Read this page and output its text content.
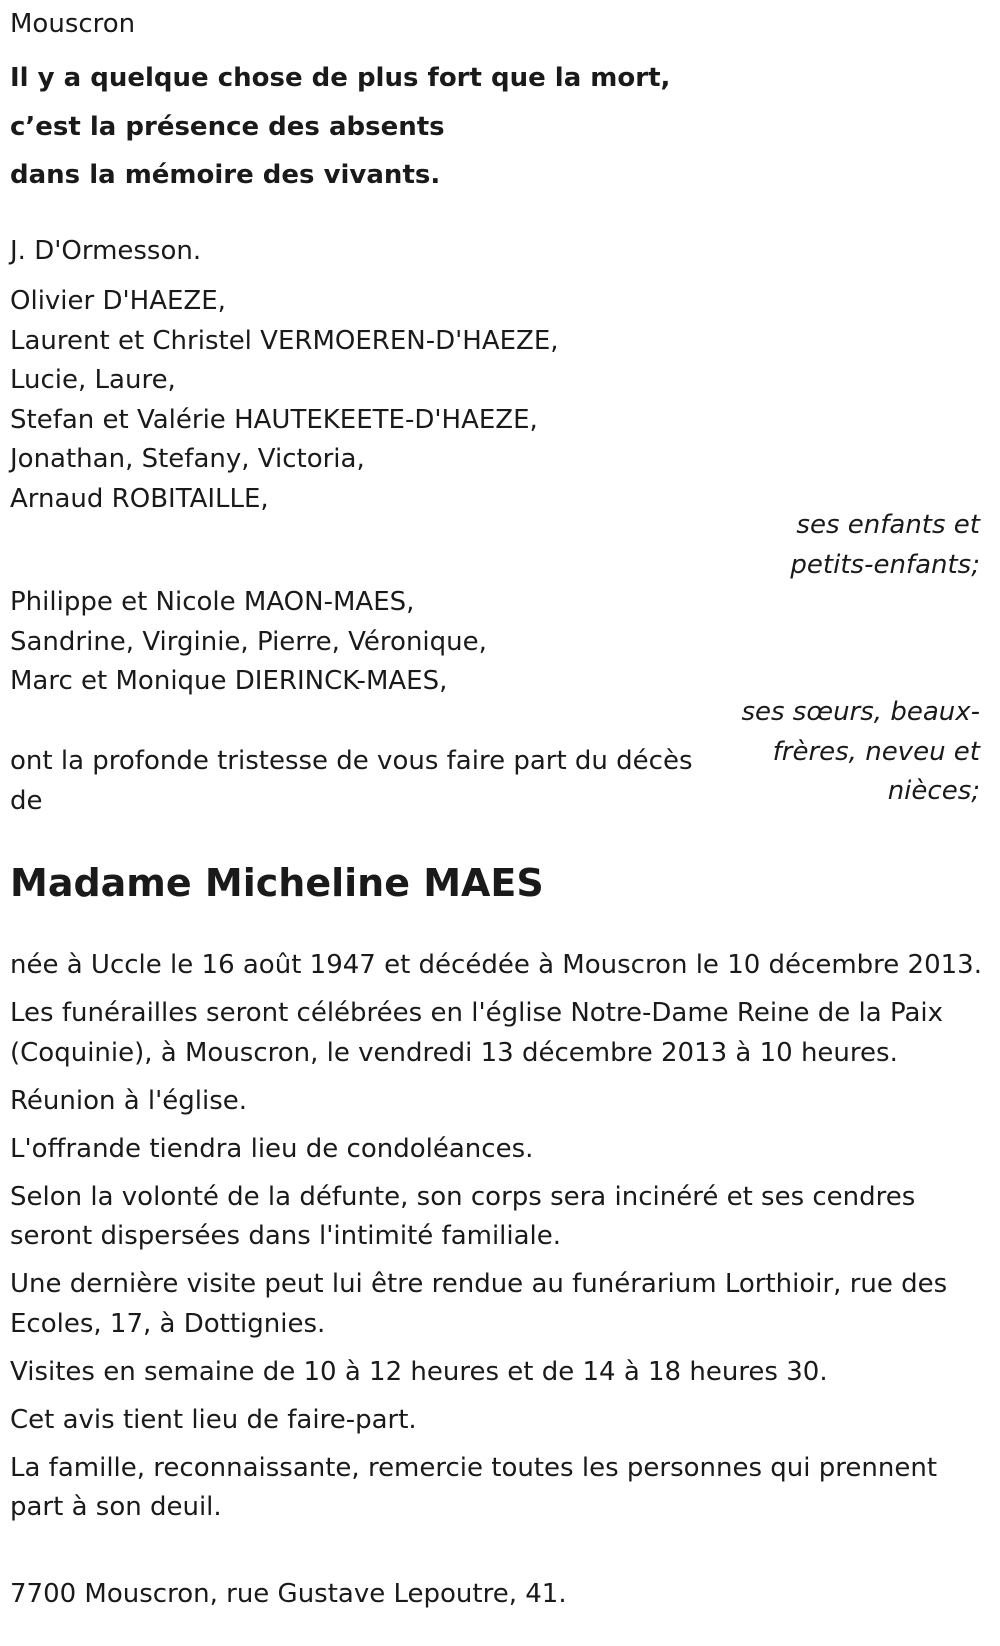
Mouscron
Il y a quelque chose de plus fort que la mort,
c’est la présence des absents
dans la mémoire des vivants.
J. D'Ormesson.
Olivier D'HAEZE,
Laurent et Christel VERMOEREN-D'HAEZE,
Lucie, Laure,
Stefan et Valérie HAUTEKEETE-D'HAEZE,
Jonathan, Stefany, Victoria,
Arnaud ROBITAILLE,
ses enfants et
petits-enfants;
Philippe et Nicole MAON-MAES,
Sandrine, Virginie, Pierre, Véronique,
Marc et Monique DIERINCK-MAES,
ses sœurs, beaux-
frères, neveu et
nièces;
ont la profonde tristesse de vous faire part du décès de
Madame Micheline MAES

née à Uccle le 16 août 1947 et décédée à Mouscron le 10 décembre 2013.

Les funérailles seront célébrées en l'église Notre-Dame Reine de la Paix (Coquinie), à Mouscron, le vendredi 13 décembre 2013 à 10 heures.

Réunion à l'église.

L'offrande tiendra lieu de condoléances.

Selon la volonté de la défunte, son corps sera incinéré et ses cendres seront dispersées dans l'intimité familiale.

Une dernière visite peut lui être rendue au funérarium Lorthioir, rue des Ecoles, 17, à Dottignies.

Visites en semaine de 10 à 12 heures et de 14 à 18 heures 30.

Cet avis tient lieu de faire-part.

La famille, reconnaissante, remercie toutes les personnes qui prennent part à son deuil.

7700 Mouscron, rue Gustave Lepoutre, 41.
